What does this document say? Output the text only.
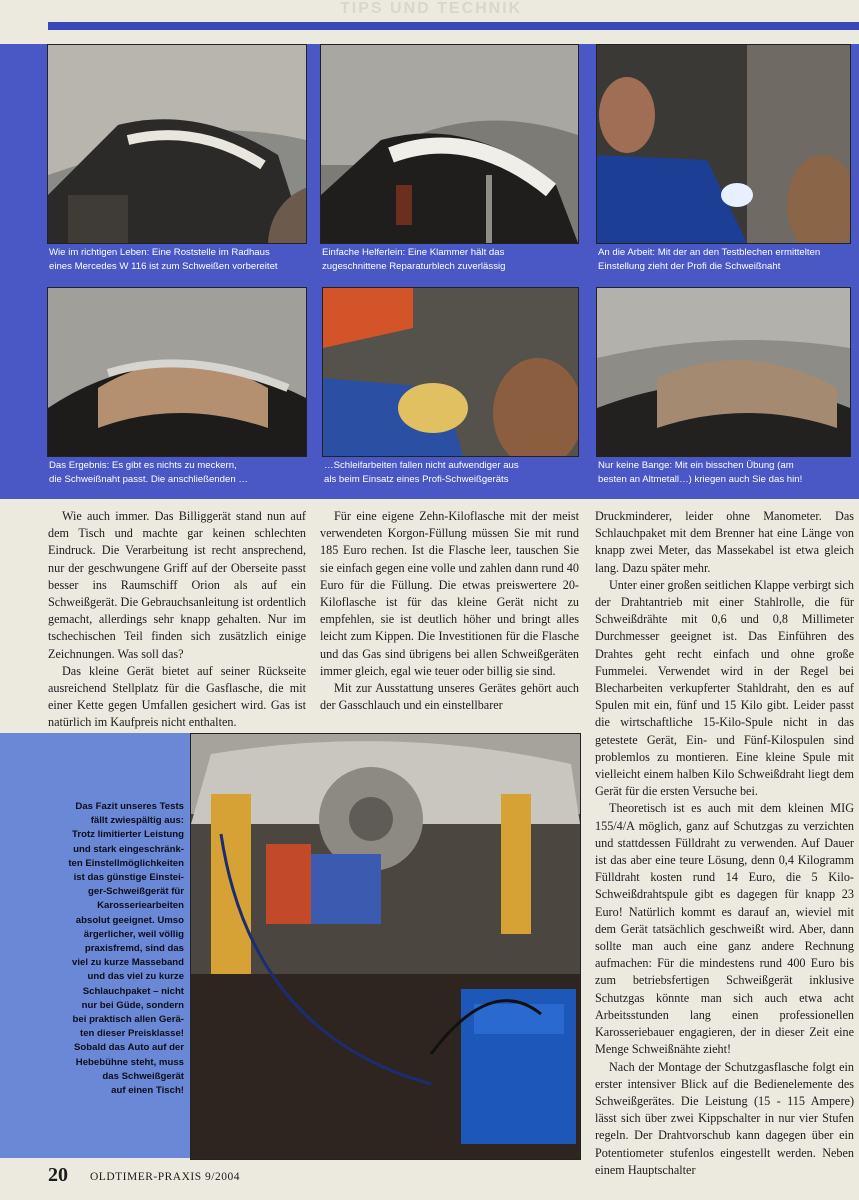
TIPS UND TECHNIK
Wie im richtigen Leben: Eine Roststelle im Radhaus
eines Mercedes W 116 ist zum Schweißen vorbereitet
Einfache Helferlein: Eine Klammer hält das
zugeschnittene Reparaturblech zuverlässig
An die Arbeit: Mit der an den Testblechen ermittelten
Einstellung zieht der Profi die Schweißnaht
Das Ergebnis: Es gibt es nichts zu meckern,
die Schweißnaht passt. Die anschließenden …
…Schleifarbeiten fallen nicht aufwendiger aus
als beim Einsatz eines Profi-Schweißgeräts
Nur keine Bange: Mit ein bisschen Übung (am
besten an Altmetall…) kriegen auch Sie das hin!

Wie auch immer. Das Billiggerät stand nun auf dem Tisch und machte gar keinen schlechten Eindruck. Die Verarbeitung ist recht ansprechend, nur der geschwungene Griff auf der Oberseite passt besser ins Raumschiff Orion als auf ein Schweißgerät. Die Gebrauchsanleitung ist ordentlich gemacht, allerdings sehr knapp gehalten. Nur im tschechischen Teil finden sich zusätzlich einige Zeichnungen. Was soll das?

Das kleine Gerät bietet auf seiner Rückseite ausreichend Stellplatz für die Gasflasche, die mit einer Kette gegen Umfallen gesichert wird. Gas ist natürlich im Kaufpreis nicht enthalten.

Für eine eigene Zehn-Kiloflasche mit der meist verwendeten Korgon-Füllung müssen Sie mit rund 185 Euro rechen. Ist die Flasche leer, tauschen Sie sie einfach gegen eine volle und zahlen dann rund 40 Euro für die Füllung. Die etwas preiswertere 20-Kiloflasche ist für das kleine Gerät nicht zu empfehlen, sie ist deutlich höher und bringt alles leicht zum Kippen. Die Investitionen für die Flasche und das Gas sind übrigens bei allen Schweißgeräten immer gleich, egal wie teuer oder billig sie sind.

Mit zur Ausstattung unseres Gerätes gehört auch der Gasschlauch und ein einstellbarer

Druckminderer, leider ohne Manometer. Das Schlauchpaket mit dem Brenner hat eine Länge von knapp zwei Meter, das Massekabel ist etwa gleich lang. Dazu später mehr.

Unter einer großen seitlichen Klappe verbirgt sich der Drahtantrieb mit einer Stahlrolle, die für Schweißdrähte mit 0,6 und 0,8 Millimeter Durchmesser geeignet ist. Das Einführen des Drahtes geht recht einfach und ohne große Fummelei. Verwendet wird in der Regel bei Blecharbeiten verkupferter Stahldraht, den es auf Spulen mit ein, fünf und 15 Kilo gibt. Leider passt die wirtschaftliche 15-Kilo-Spule nicht in das getestete Gerät, Ein- und Fünf-Kilospulen sind problemlos zu montieren. Eine kleine Spule mit vielleicht einem halben Kilo Schweißdraht liegt dem Gerät für die ersten Versuche bei.

Theoretisch ist es auch mit dem kleinen MIG 155/4/A möglich, ganz auf Schutzgas zu verzichten und stattdessen Fülldraht zu verwenden. Auf Dauer ist das aber eine teure Lösung, denn 0,4 Kilogramm Fülldraht kosten rund 14 Euro, die 5 Kilo-Schweißdrahtspule gibt es dagegen für knapp 23 Euro! Natürlich kommt es darauf an, wieviel mit dem Gerät tatsächlich geschweißt wird. Aber, dann sollte man auch eine ganz andere Rechnung aufmachen: Für die mindestens rund 400 Euro bis zum betriebsfertigen Schweißgerät inklusive Schutzgas könnte man sich auch etwa acht Arbeitsstunden lang einen professionellen Karosseriebauer engagieren, der in dieser Zeit eine Menge Schweißnähte zieht!

Nach der Montage der Schutzgasflasche folgt ein erster intensiver Blick auf die Bedienelemente des Schweißgerätes. Die Leistung (15 - 115 Ampere) lässt sich über zwei Kippschalter in nur vier Stufen regeln. Der Drahtvorschub kann dagegen über ein Potentiometer stufenlos eingestellt werden. Neben einem Hauptschalter

Das Fazit unseres Tests
fällt zwiespältig aus:
Trotz limitierter Leistung
und stark eingeschränk-
ten Einstellmöglichkeiten
ist das günstige Einstei-
ger-Schweißgerät für
Karosseriearbeiten
absolut geeignet. Umso
ärgerlicher, weil völlig
praxisfremd, sind das
viel zu kurze Masseband
und das viel zu kurze
Schlauchpaket – nicht
nur bei Güde, sondern
bei praktisch allen Gerä-
ten dieser Preisklasse!
Sobald das Auto auf der
Hebebühne steht, muss
das Schweißgerät
auf einen Tisch!
20 OLDTIMER-PRAXIS 9/2004
